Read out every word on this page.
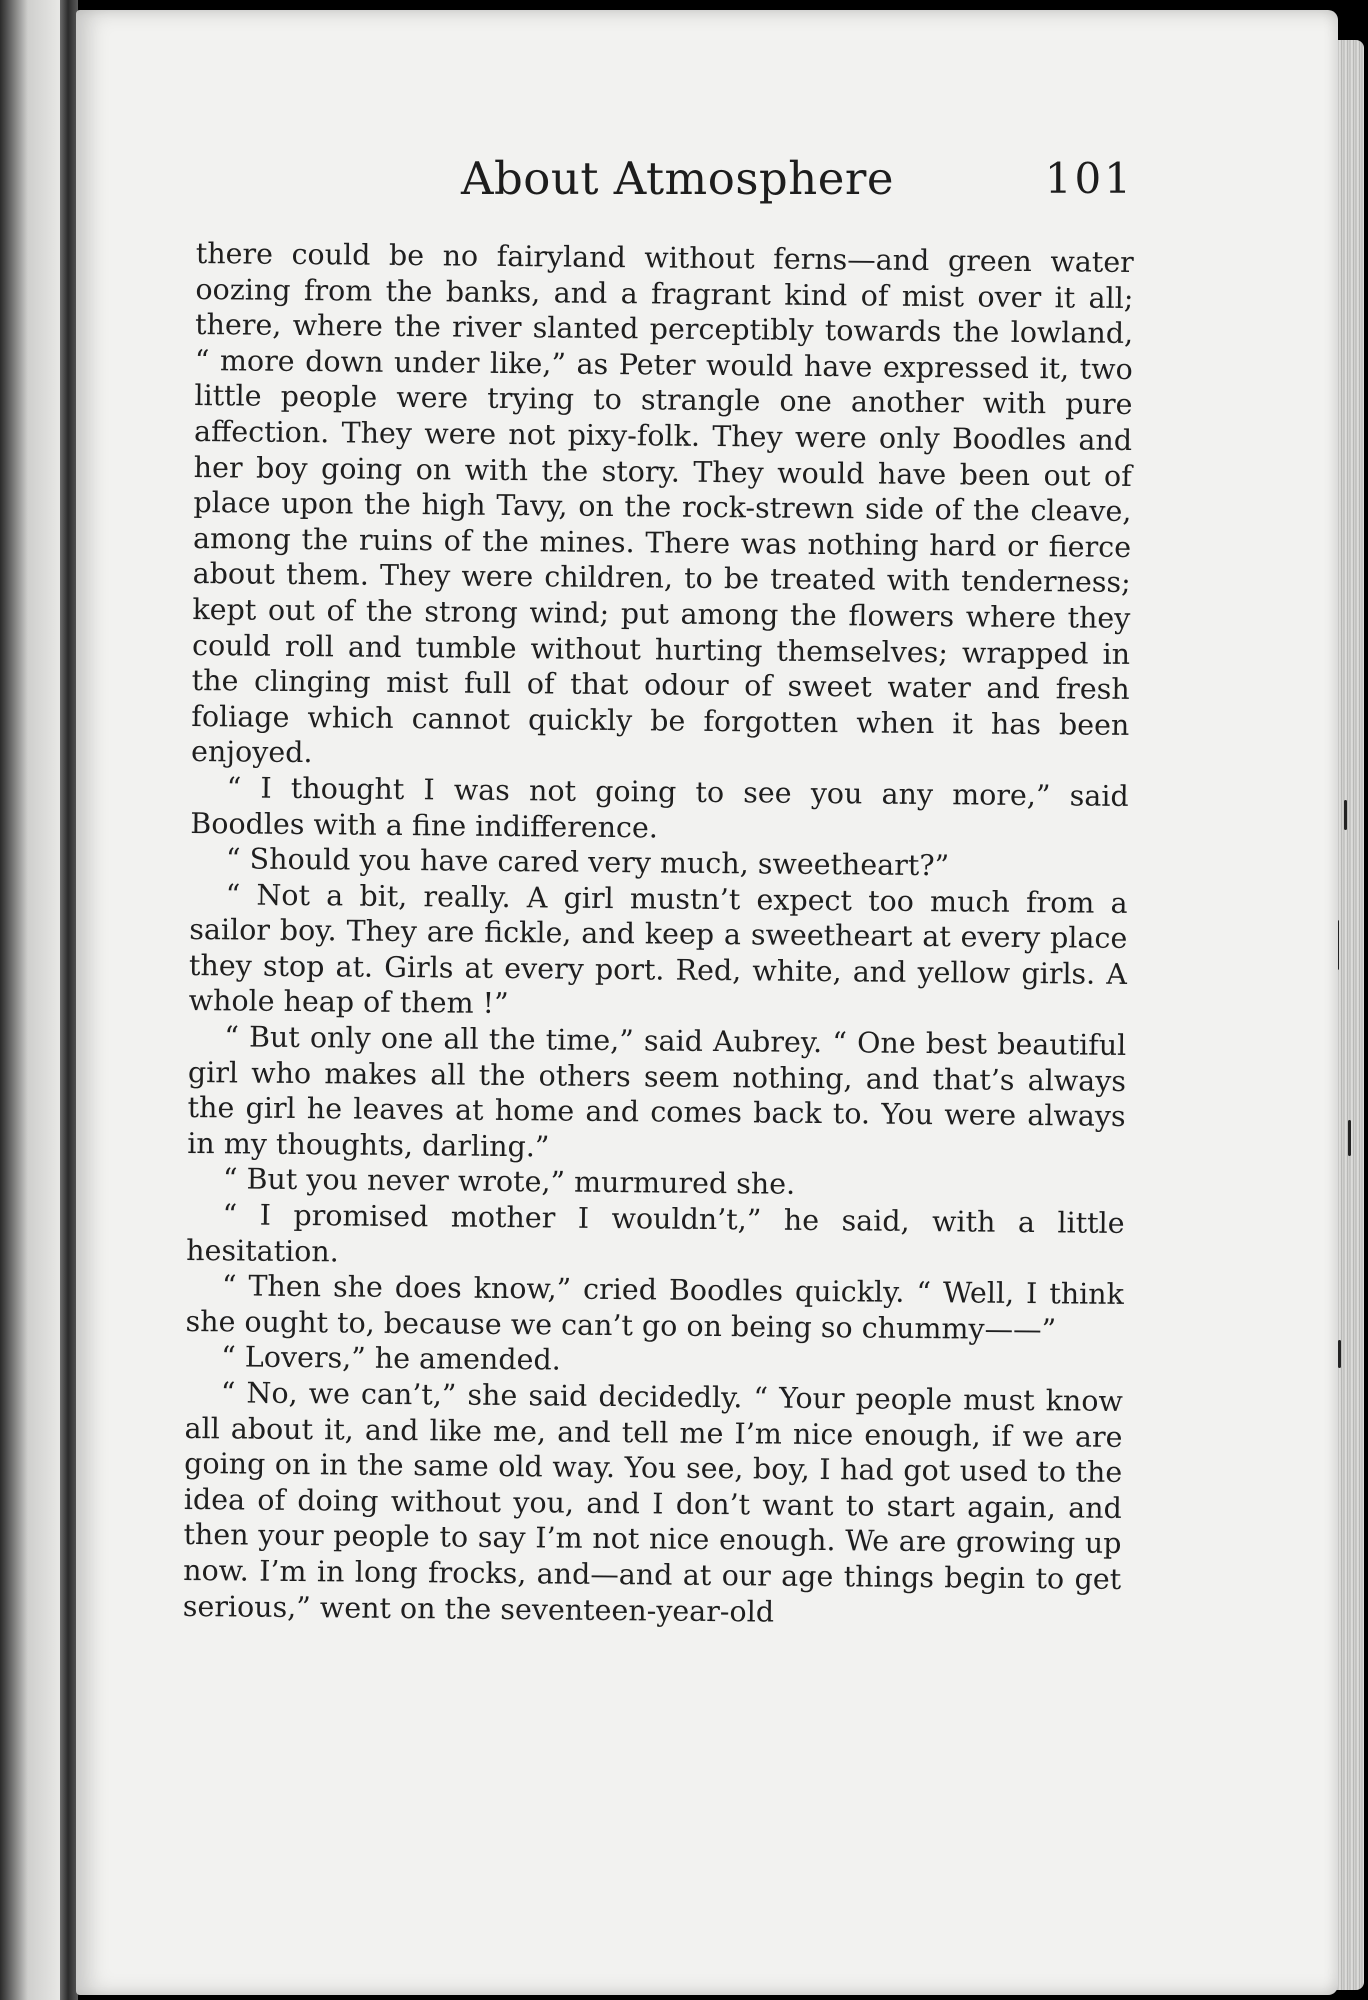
About Atmosphere	101

there could be no fairyland without ferns—and green water oozing from the banks, and a fragrant kind of mist over it all; there, where the river slanted perceptibly towards the lowland, “ more down under like,” as Peter would have expressed it, two little people were trying to strangle one another with pure affection. They were not pixy-folk. They were only Boodles and her boy going on with the story. They would have been out of place upon the high Tavy, on the rock-strewn side of the cleave, among the ruins of the mines. There was nothing hard or fierce about them. They were children, to be treated with tenderness; kept out of the strong wind; put among the flowers where they could roll and tumble without hurting themselves; wrapped in the clinging mist full of that odour of sweet water and fresh foliage which cannot quickly be forgotten when it has been enjoyed.

“ I thought I was not going to see you any more,” said Boodles with a fine indifference.

“ Should you have cared very much, sweetheart?”

“ Not a bit, really. A girl mustn’t expect too much from a sailor boy. They are fickle, and keep a sweetheart at every place they stop at. Girls at every port. Red, white, and yellow girls. A whole heap of them !”

“ But only one all the time,” said Aubrey. “ One best beautiful girl who makes all the others seem nothing, and that’s always the girl he leaves at home and comes back to. You were always in my thoughts, darling.”

“ But you never wrote,” murmured she.

“ I promised mother I wouldn’t,” he said, with a little hesitation.

“ Then she does know,” cried Boodles quickly. “ Well, I think she ought to, because we can’t go on being so chummy——”

“ Lovers,” he amended.

“ No, we can’t,” she said decidedly. “ Your people must know all about it, and like me, and tell me I’m nice enough, if we are going on in the same old way. You see, boy, I had got used to the idea of doing without you, and I don’t want to start again, and then your people to say I’m not nice enough. We are growing up now. I’m in long frocks, and—and at our age things begin to get serious,” went on the seventeen-year-old
